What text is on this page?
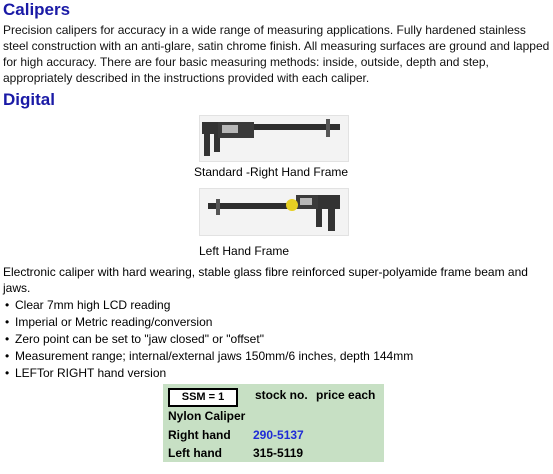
Calipers

Precision calipers for accuracy in a wide range of measuring applications. Fully hardened stainless steel construction with an anti-glare, satin chrome finish. All measuring surfaces are ground and lapped for high accuracy. There are four basic measuring methods: inside, outside, depth and step, appropriately described in the instructions provided with each caliper.

Digital
Standard -Right Hand Frame
Left Hand Frame

Electronic caliper with hard wearing, stable glass fibre reinforced super-polyamide frame beam and jaws.

• Clear 7mm high LCD reading
• Imperial or Metric reading/conversion
• Zero point can be set to "jaw closed" or "offset"
• Measurement range; internal/external jaws 150mm/6 inches, depth 144mm
• LEFTor RIGHT hand version
SSM = 1	stock no. price each
Nylon Caliper
Right hand 290-5137
Left hand	315-5119
